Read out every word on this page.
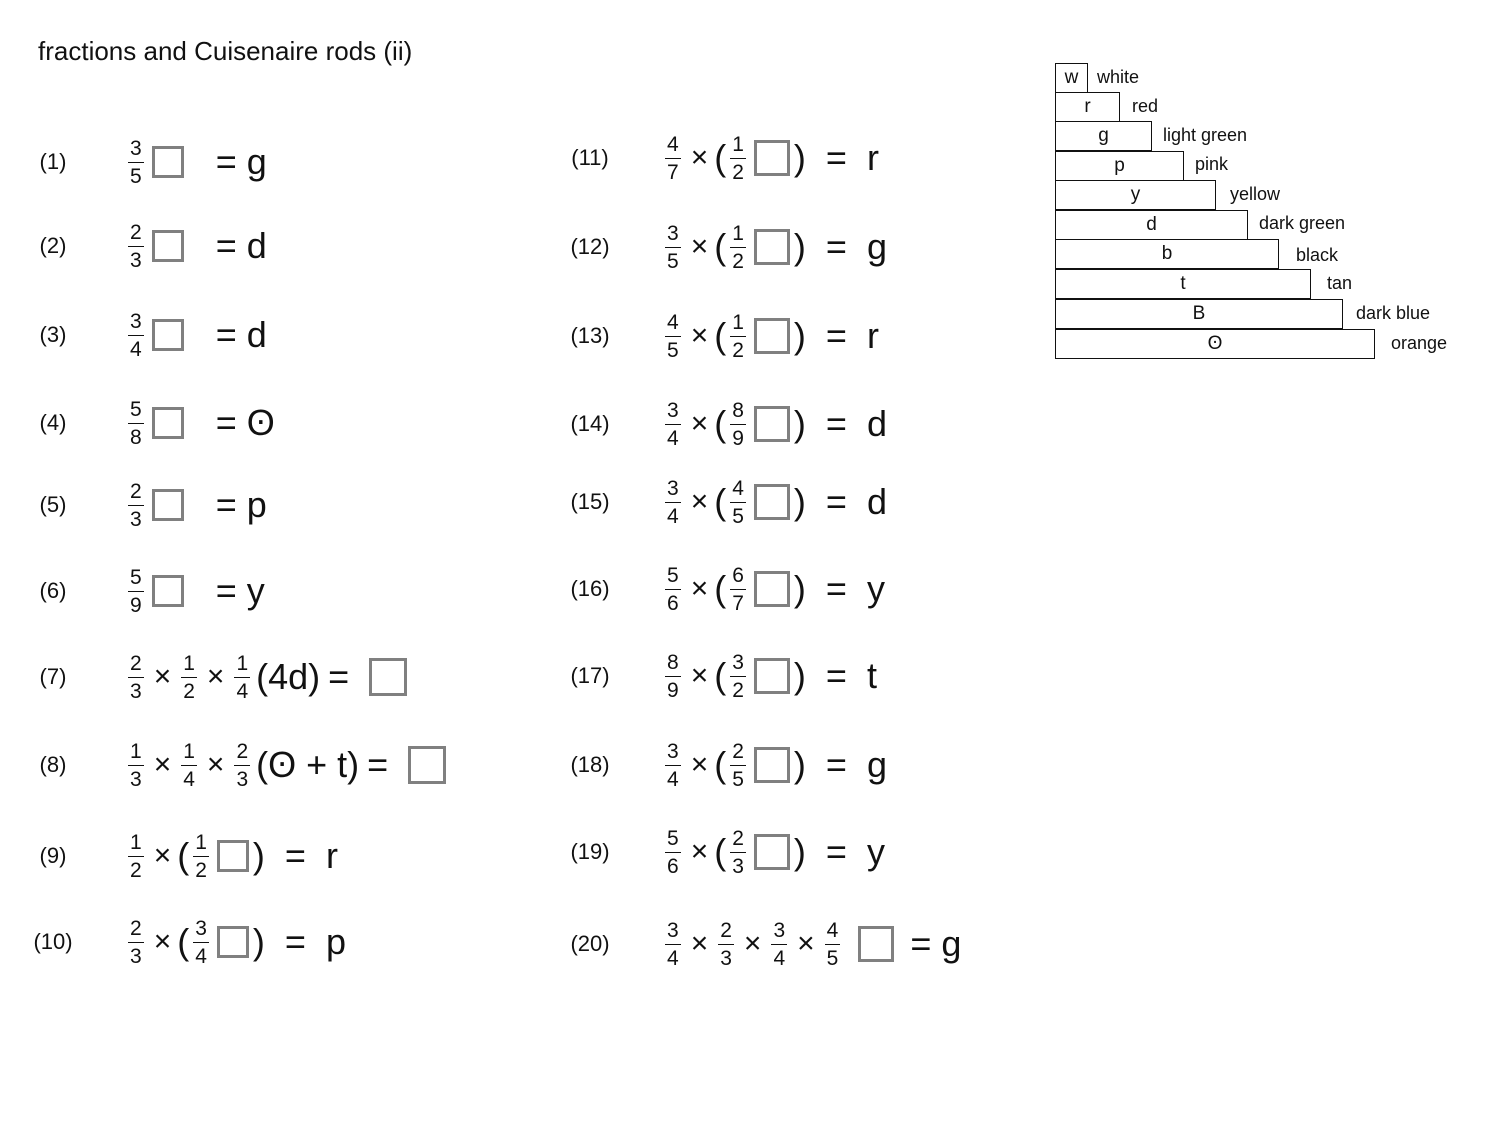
fractions and Cuisenaire rods (ii)
(1)	$\frac{3}{5} = g$
(2)	$\frac{2}{3} = d$
(3)	$\frac{3}{4} = d$
(4)	$\frac{5}{8}$ = ʘ
(5)	$\frac{2}{3} = p$
(6)	$\frac{5}{9} = y$
(7)	$\frac{2}{3} \times \frac{1}{2} \times \frac{1}{4} (4d)$ =
(8)	$\frac{1}{3} \times \frac{1}{4} \times \frac{2}{3}$ (ʘ + t) =
(9)	$\frac{1}{2}$ × ( $\frac{1}{2}$ ) = r
(10)	$\frac{2}{3}$ × ( $\frac{3}{4}$ ) = p
(11)	$\frac{4}{7}$ × ( $\frac{1}{2}$ ) = r
(12)	$\frac{3}{5}$ × ( $\frac{1}{2}$ ) = g
(13)	$\frac{4}{5}$ × ( $\frac{1}{2}$ ) = r
(14)	$\frac{3}{4}$ × ( $\frac{8}{9}$ ) = d
(15)	$\frac{3}{4}$ × ( $\frac{4}{5}$ ) = d
(16)	$\frac{5}{6}$ × ( $\frac{6}{7}$ ) = y
(17)	$\frac{8}{9}$ × ( $\frac{3}{2}$ ) = t
(18)	$\frac{3}{4}$ × ( $\frac{2}{5}$ ) = g
(19)	$\frac{5}{6}$ × ( $\frac{2}{3}$ ) = y
(20)	$\frac{3}{4} \times \frac{2}{3} \times \frac{3}{4} \times \frac{4}{5} = g$
w white
r red
g	light green
p	pink
y	yellow
d	dark green
b	black
t	tan
B	dark blue
ʘ	orange
